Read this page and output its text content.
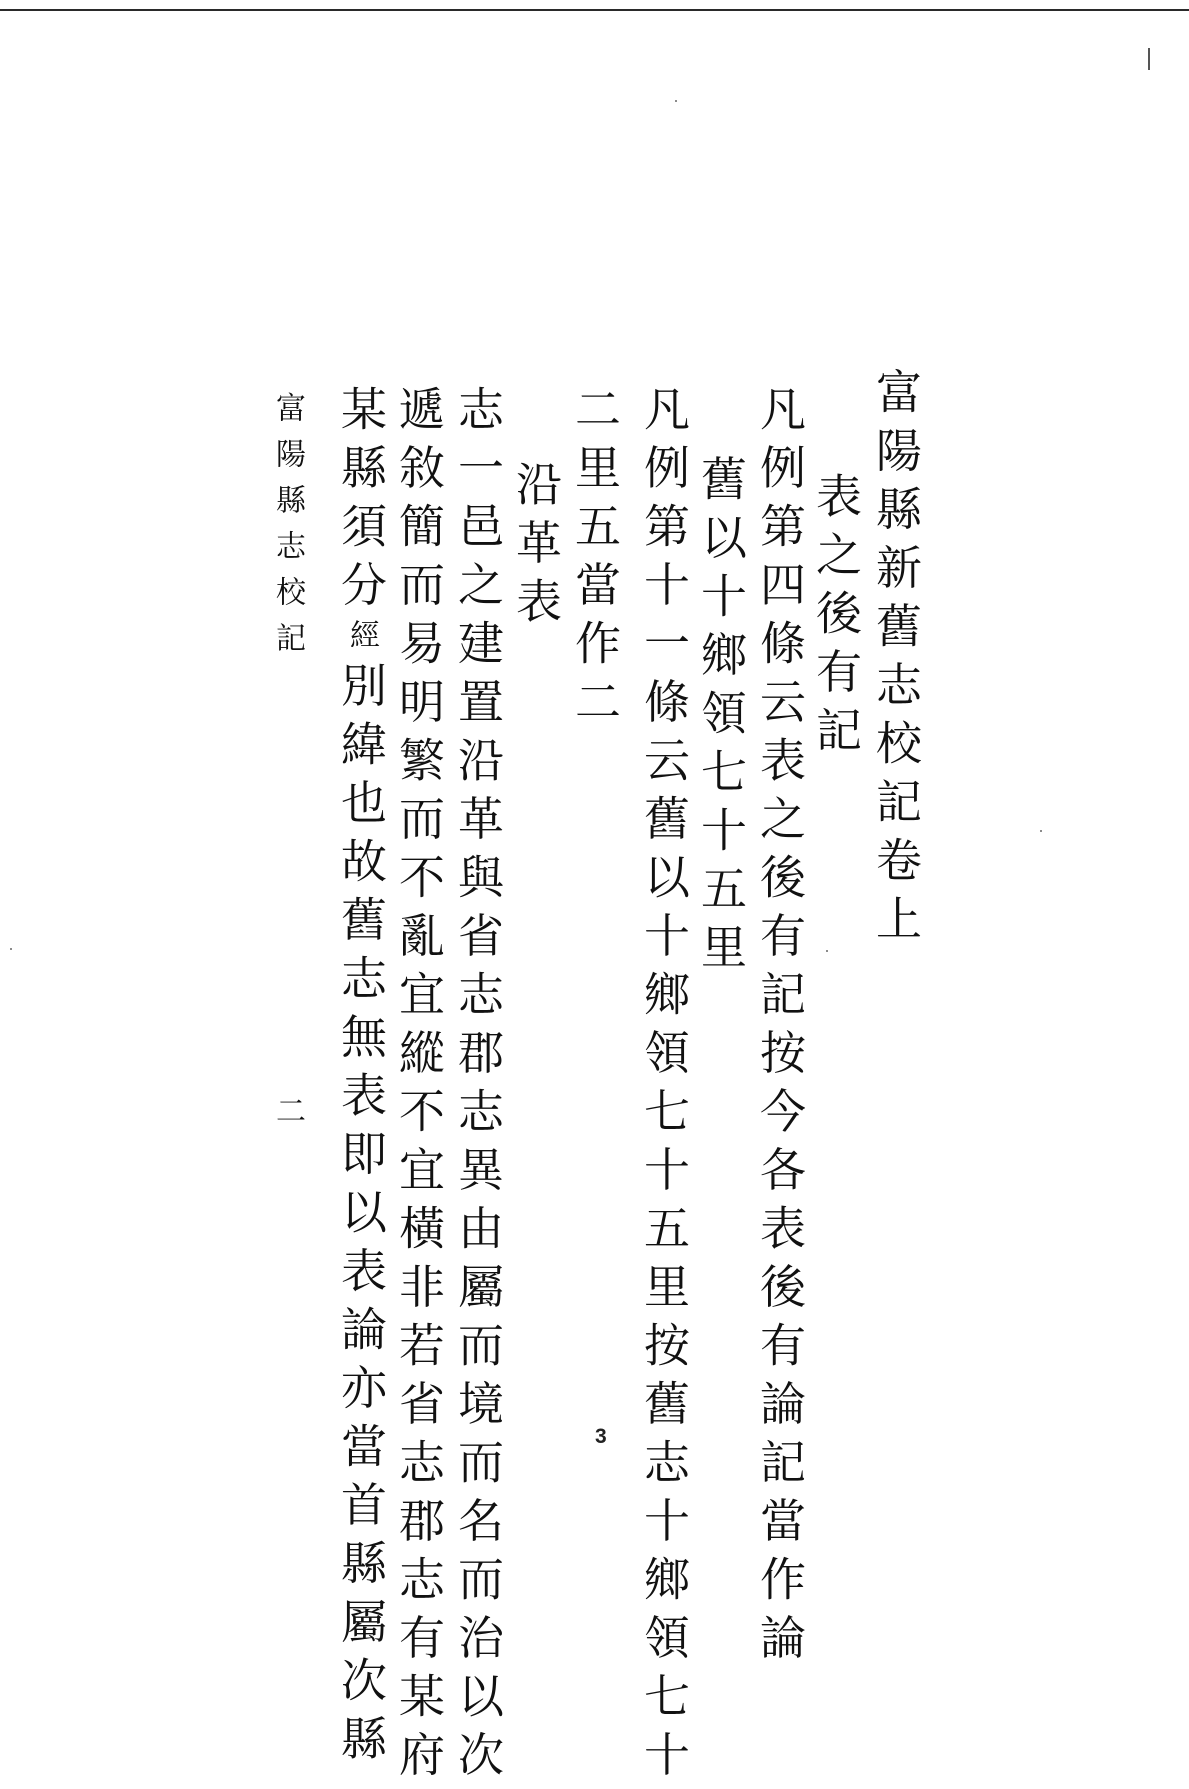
富陽縣新舊志校記卷上
表之後有記
凡例第四條云表之後有記按今各表後有論記當作論
舊以十鄉領七十五里
凡例第十一條云舊以十鄉領七十五里按舊志十鄉領七十
二里五當作二
沿革表
志一邑之建置沿革與省志郡志異由屬而境而名而治以次
遞敘簡而易明繁而不亂宜縱不宜橫非若省志郡志有某府
某縣須分經別緯也故舊志無表即以表論亦當首縣屬次縣
富陽縣志校記
二
3
